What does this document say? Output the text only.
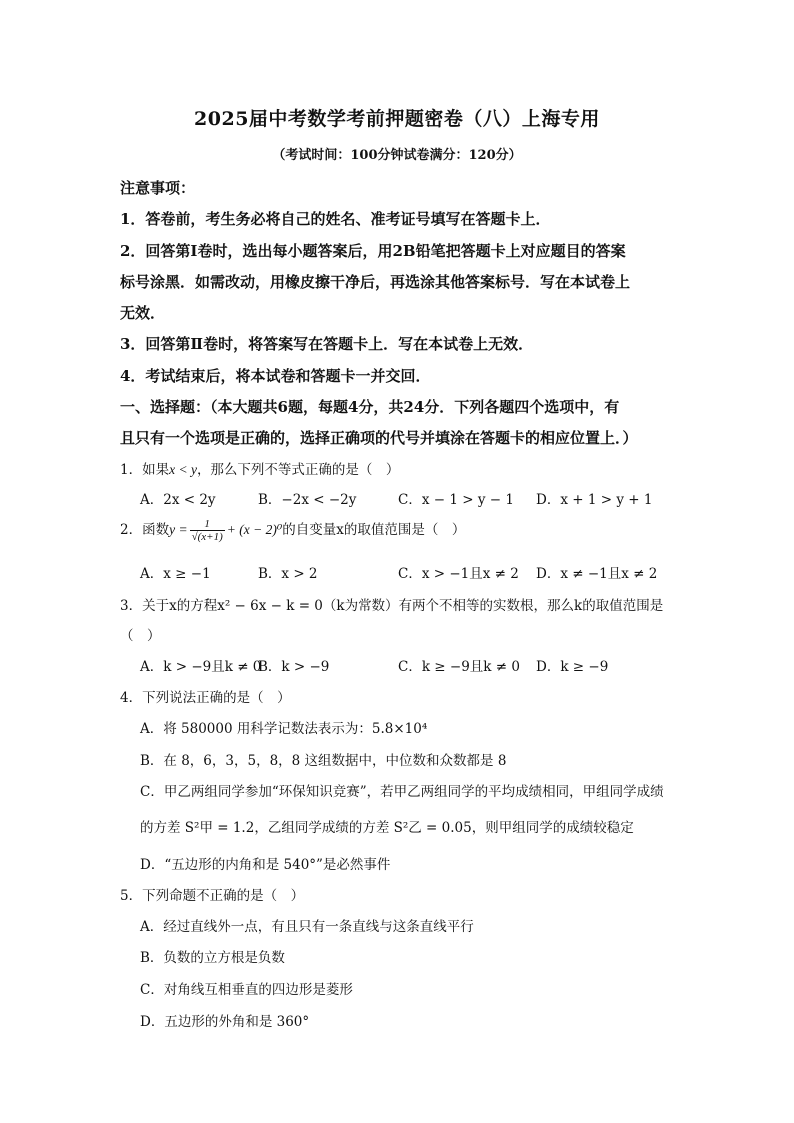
2025届中考数学考前押题密卷（八）上海专用
（考试时间：100分钟试卷满分：120分）
注意事项：
1．答卷前，考生务必将自己的姓名、准考证号填写在答题卡上．
2．回答第Ⅰ卷时，选出每小题答案后，用2B铅笔把答题卡上对应题目的答案
标号涂黑．如需改动，用橡皮擦干净后，再选涂其他答案标号．写在本试卷上
无效．
3．回答第Ⅱ卷时，将答案写在答题卡上．写在本试卷上无效．
4．考试结束后，将本试卷和答题卡一并交回．
一、选择题：（本大题共6题，每题4分，共24分．下列各题四个选项中，有
且只有一个选项是正确的，选择正确项的代号并填涂在答题卡的相应位置上．）
1．如果x < y，那么下列不等式正确的是（　）
A．2x < 2y	B．−2x < −2y	C．x − 1 > y − 1 D．x + 1 > y + 1
2．函数$y = \frac{1}{√(x+1)} + (x - 2)^0$的自变量x的取值范围是（　）
A．x ≥ −1	B．x > 2	C．x > −1且x ≠ 2 D．x ≠ −1且x ≠ 2
3．关于x的方程x² − 6x − k = 0（k为常数）有两个不相等的实数根，那么k的取值范围是
（　）
A．k > −9且k ≠ 0
B．k > −9	C．k ≥ −9且k ≠ 0 D．k ≥ −9
4．下列说法正确的是（　）
A．将 580000 用科学记数法表示为：5.8×10⁴
B．在 8，6，3，5，8，8 这组数据中，中位数和众数都是 8
C．甲乙两组同学参加“环保知识竞赛”，若甲乙两组同学的平均成绩相同，甲组同学成绩
的方差 S²甲 = 1.2，乙组同学成绩的方差 S²乙 = 0.05，则甲组同学的成绩较稳定
D．“五边形的内角和是 540°”是必然事件
5．下列命题不正确的是（　）
A．经过直线外一点，有且只有一条直线与这条直线平行
B．负数的立方根是负数
C．对角线互相垂直的四边形是菱形
D．五边形的外角和是 360°
